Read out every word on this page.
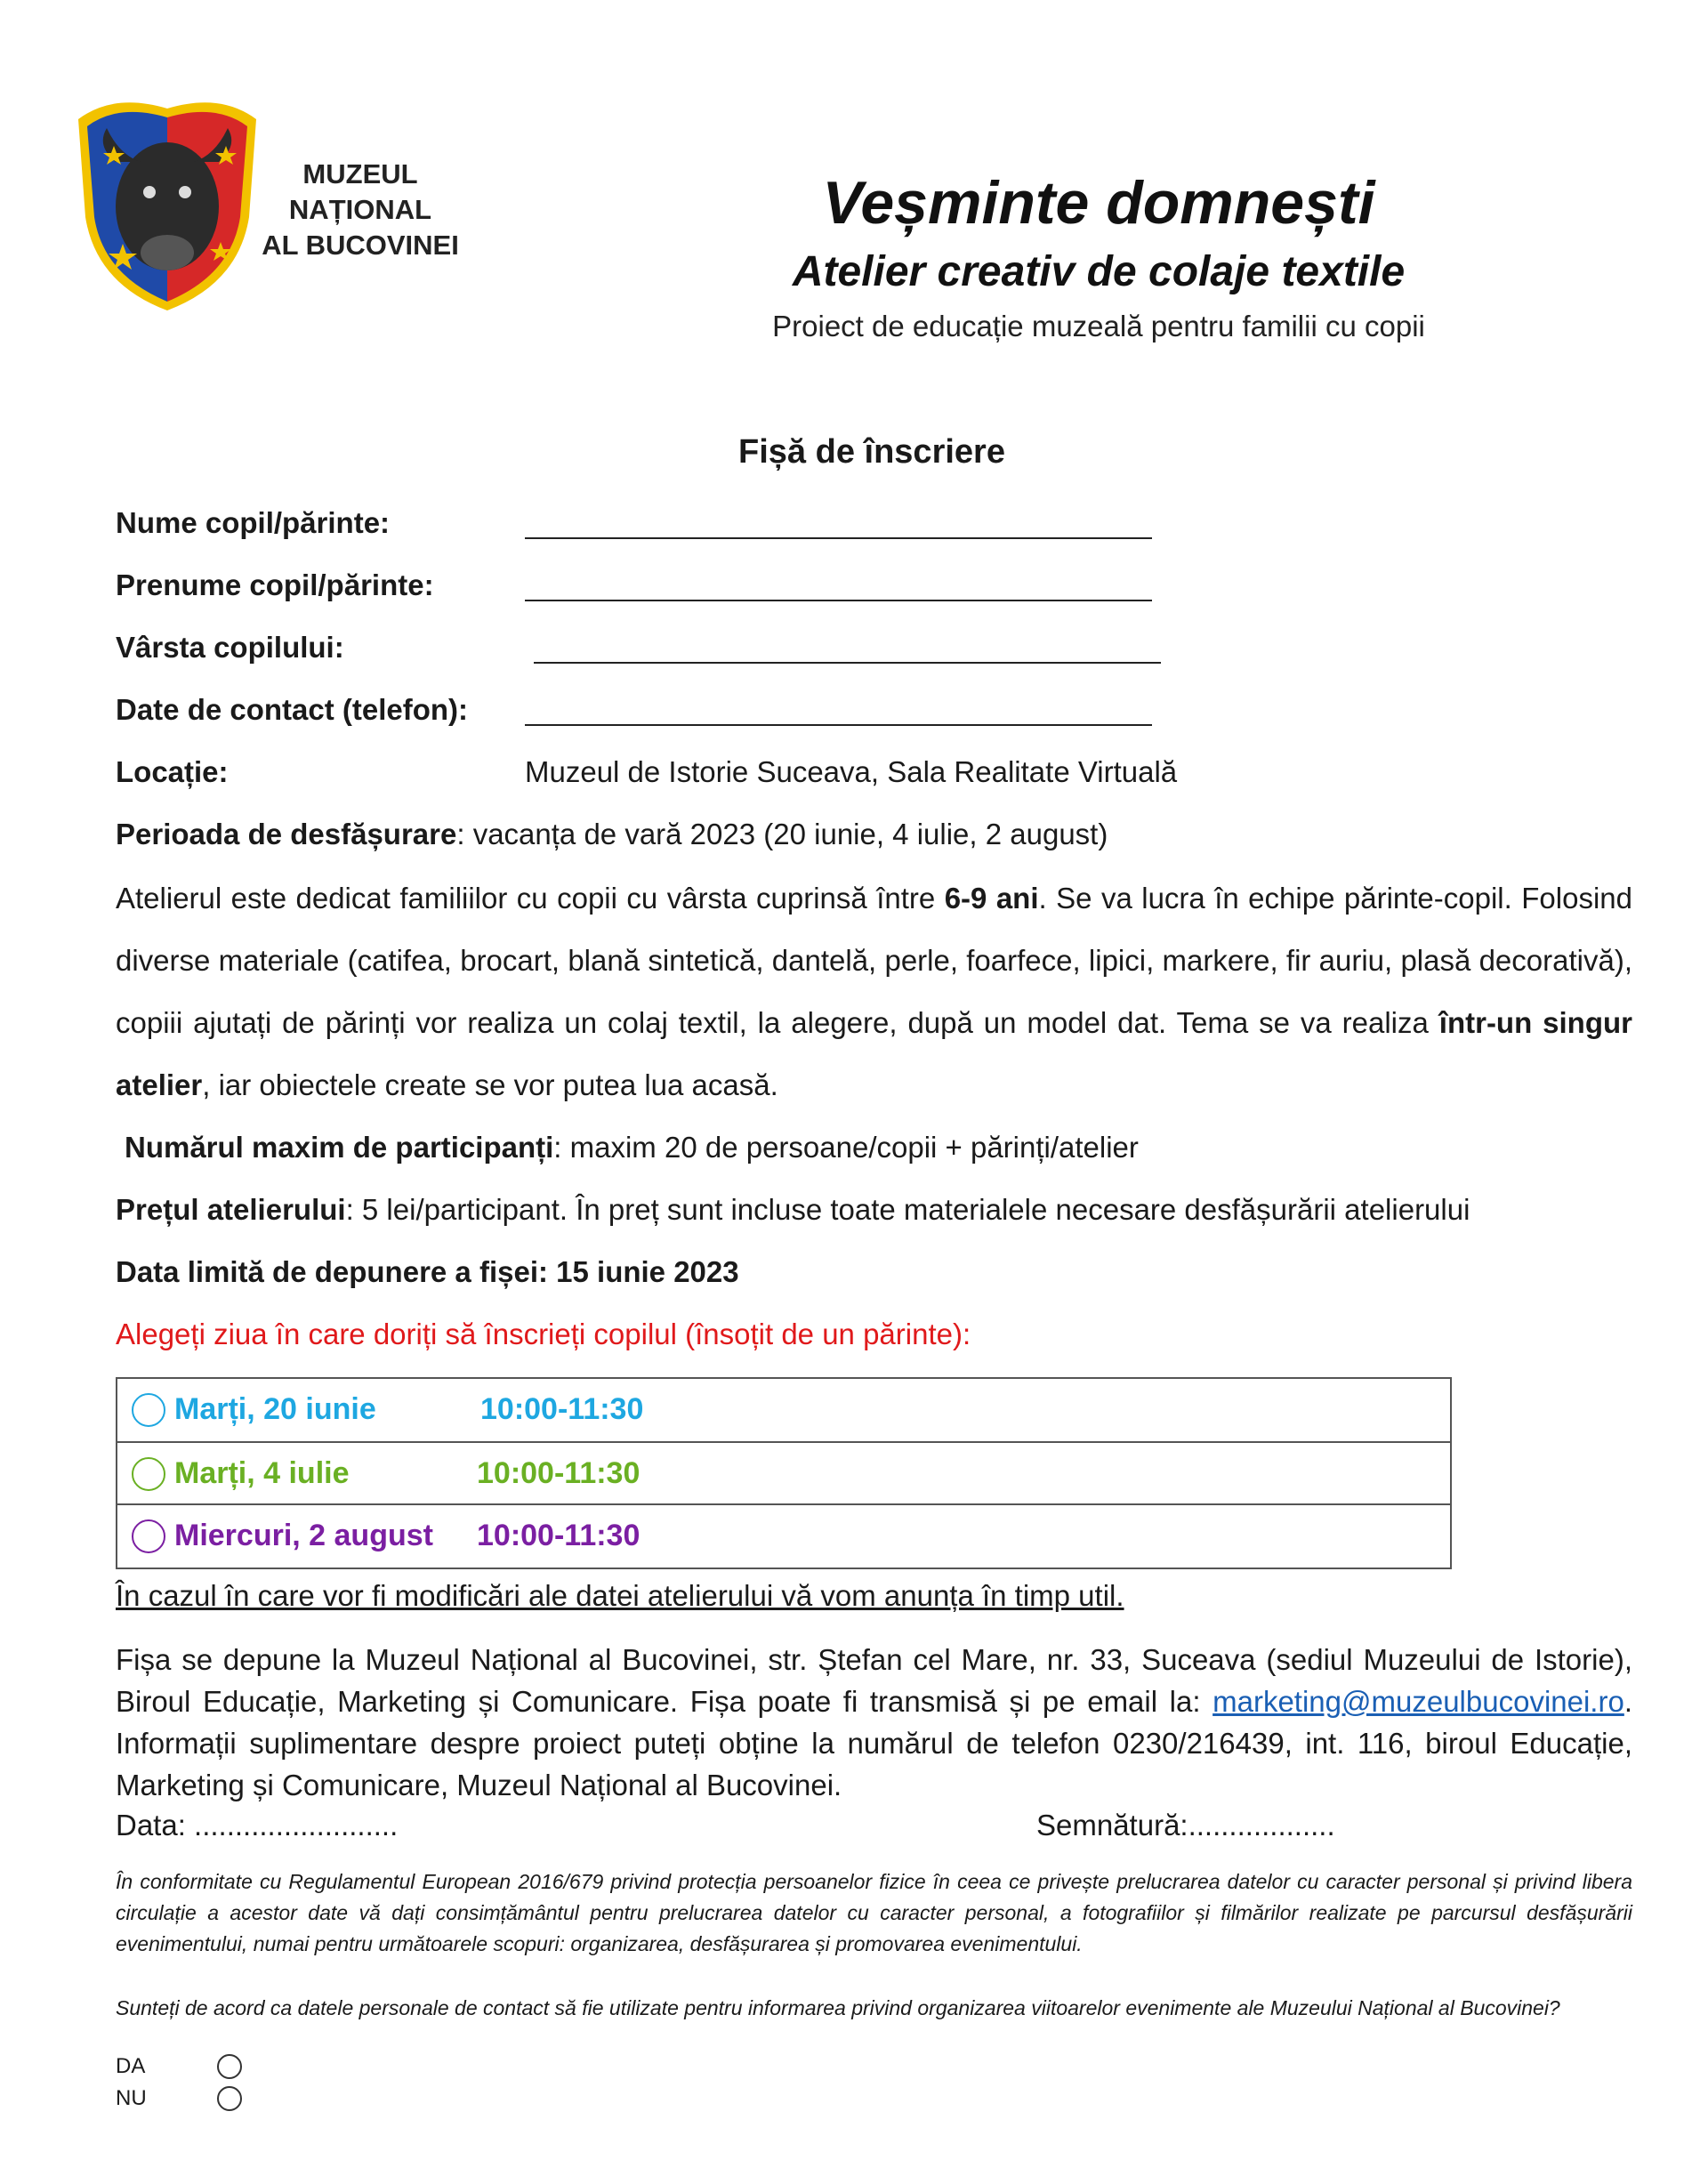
MUZEUL
NAȚIONAL
AL BUCOVINEI
Veșminte domnești
Atelier creativ de colaje textile
Proiect de educație muzeală pentru familii cu copii
Fișă de înscriere
Nume copil/părinte:
Prenume copil/părinte:
Vârsta copilului:
Date de contact (telefon):
Locație:	Muzeul de Istorie Suceava, Sala Realitate Virtuală
Perioada de desfășurare: vacanța de vară 2023 (20 iunie, 4 iulie, 2 august)
Atelierul este dedicat familiilor cu copii cu vârsta cuprinsă între 6-9 ani. Se va lucra în echipe părinte-copil. Folosind diverse materiale (catifea, brocart, blană sintetică, dantelă, perle, foarfece, lipici, markere, fir auriu, plasă decorativă), copiii ajutați de părinți vor realiza un colaj textil, la alegere, după un model dat. Tema se va realiza într-un singur atelier, iar obiectele create se vor putea lua acasă.
Numărul maxim de participanți: maxim 20 de persoane/copii + părinți/atelier
Prețul atelierului: 5 lei/participant. În preț sunt incluse toate materialele necesare desfășurării atelierului
Data limită de depunere a fișei: 15 iunie 2023
Alegeți ziua în care doriți să înscrieți copilul (însoțit de un părinte):
Marți, 20 iunie	10:00-11:30
Marți, 4 iulie	10:00-11:30
Miercuri, 2 august 10:00-11:30
În cazul în care vor fi modificări ale datei atelierului vă vom anunța în timp util.
Fișa se depune la Muzeul Național al Bucovinei, str. Ștefan cel Mare, nr. 33, Suceava (sediul Muzeului de Istorie), Biroul Educație, Marketing și Comunicare. Fișa poate fi transmisă și pe email la: marketing@muzeulbucovinei.ro. Informații suplimentare despre proiect puteți obține la numărul de telefon 0230/216439, int. 116, biroul Educație, Marketing și Comunicare, Muzeul Național al Bucovinei.
Data: .........................	Semnătură:..................
În conformitate cu Regulamentul European 2016/679 privind protecția persoanelor fizice în ceea ce privește prelucrarea datelor cu caracter personal și privind libera circulație a acestor date vă dați consimțământul pentru prelucrarea datelor cu caracter personal, a fotografiilor și filmărilor realizate pe parcursul desfășurării evenimentului, numai pentru următoarele scopuri: organizarea, desfășurarea și promovarea evenimentului.
Sunteți de acord ca datele personale de contact să fie utilizate pentru informarea privind organizarea viitoarelor evenimente ale Muzeului Național al Bucovinei?
DA
NU
